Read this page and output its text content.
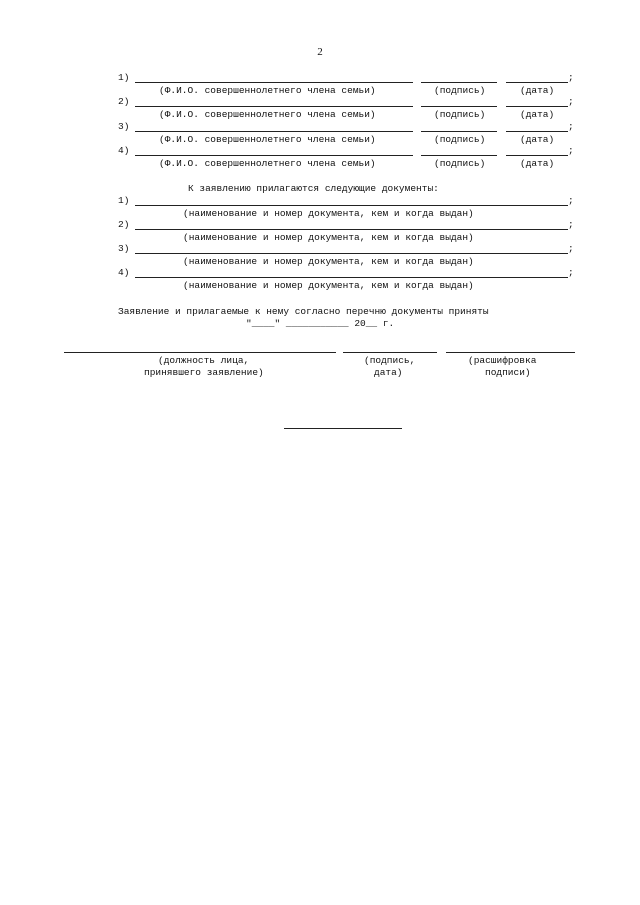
2
1)	;
(Ф.И.О. совершеннолетнего члена семьи)	(подпись)	(дата)
2)	;
(Ф.И.О. совершеннолетнего члена семьи)	(подпись)	(дата)
3)	;
(Ф.И.О. совершеннолетнего члена семьи)	(подпись)	(дата)
4)	;
(Ф.И.О. совершеннолетнего члена семьи)	(подпись)	(дата)
К заявлению прилагаются следующие документы:
1)	;
(наименование и номер документа, кем и когда выдан)
2)	;
(наименование и номер документа, кем и когда выдан)
3)	;
(наименование и номер документа, кем и когда выдан)
4)	;
(наименование и номер документа, кем и когда выдан)
Заявление и прилагаемые к нему согласно перечню документы приняты
"____" ___________ 20__ г.
(должность лица,
принявшего заявление)
(подпись,
дата)
(расшифровка
подписи)
